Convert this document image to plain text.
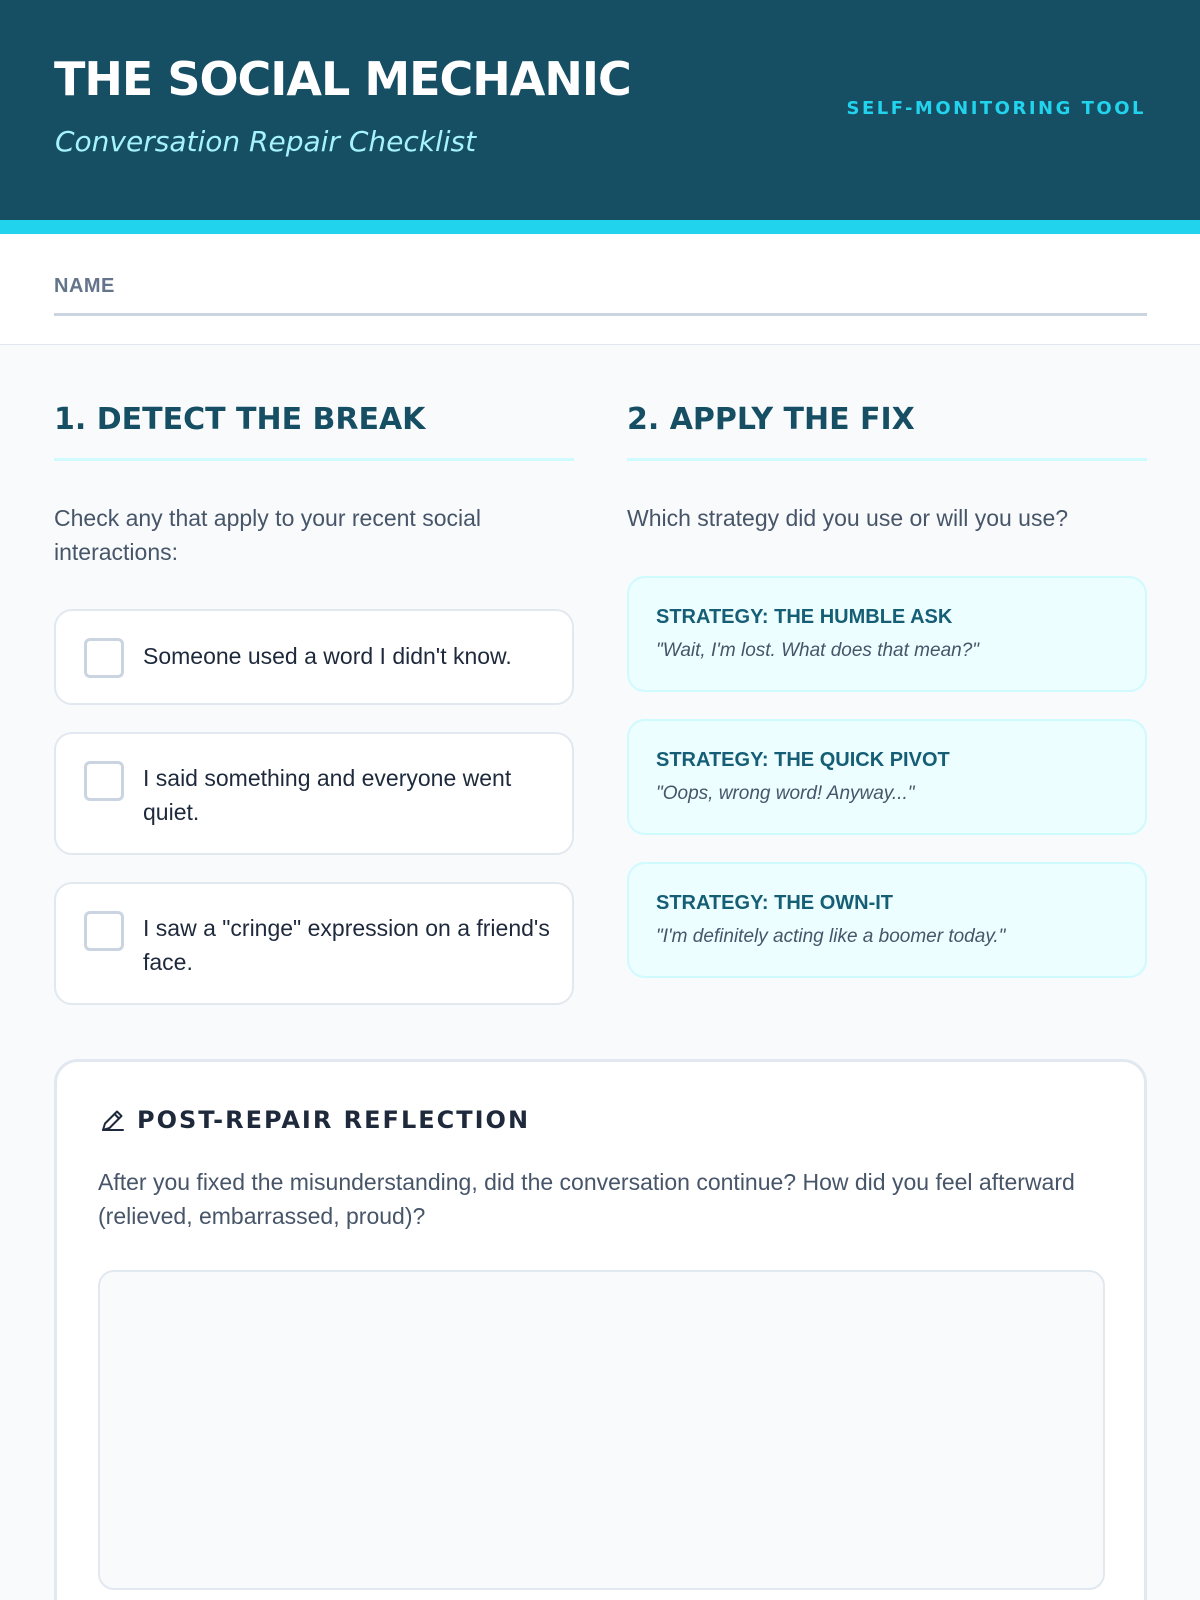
THE SOCIAL MECHANIC
Conversation Repair Checklist
SELF-MONITORING TOOL
NAME
1. DETECT THE BREAK
Check any that apply to your recent social interactions:
Someone used a word I didn't know.
I said something and everyone went quiet.
I saw a "cringe" expression on a friend's face.
2. APPLY THE FIX
Which strategy did you use or will you use?
STRATEGY: THE HUMBLE ASK
"Wait, I'm lost. What does that mean?"
STRATEGY: THE QUICK PIVOT
"Oops, wrong word! Anyway..."
STRATEGY: THE OWN-IT
"I'm definitely acting like a boomer today."
POST-REPAIR REFLECTION
After you fixed the misunderstanding, did the conversation continue? How did you feel afterward (relieved, embarrassed, proud)?
